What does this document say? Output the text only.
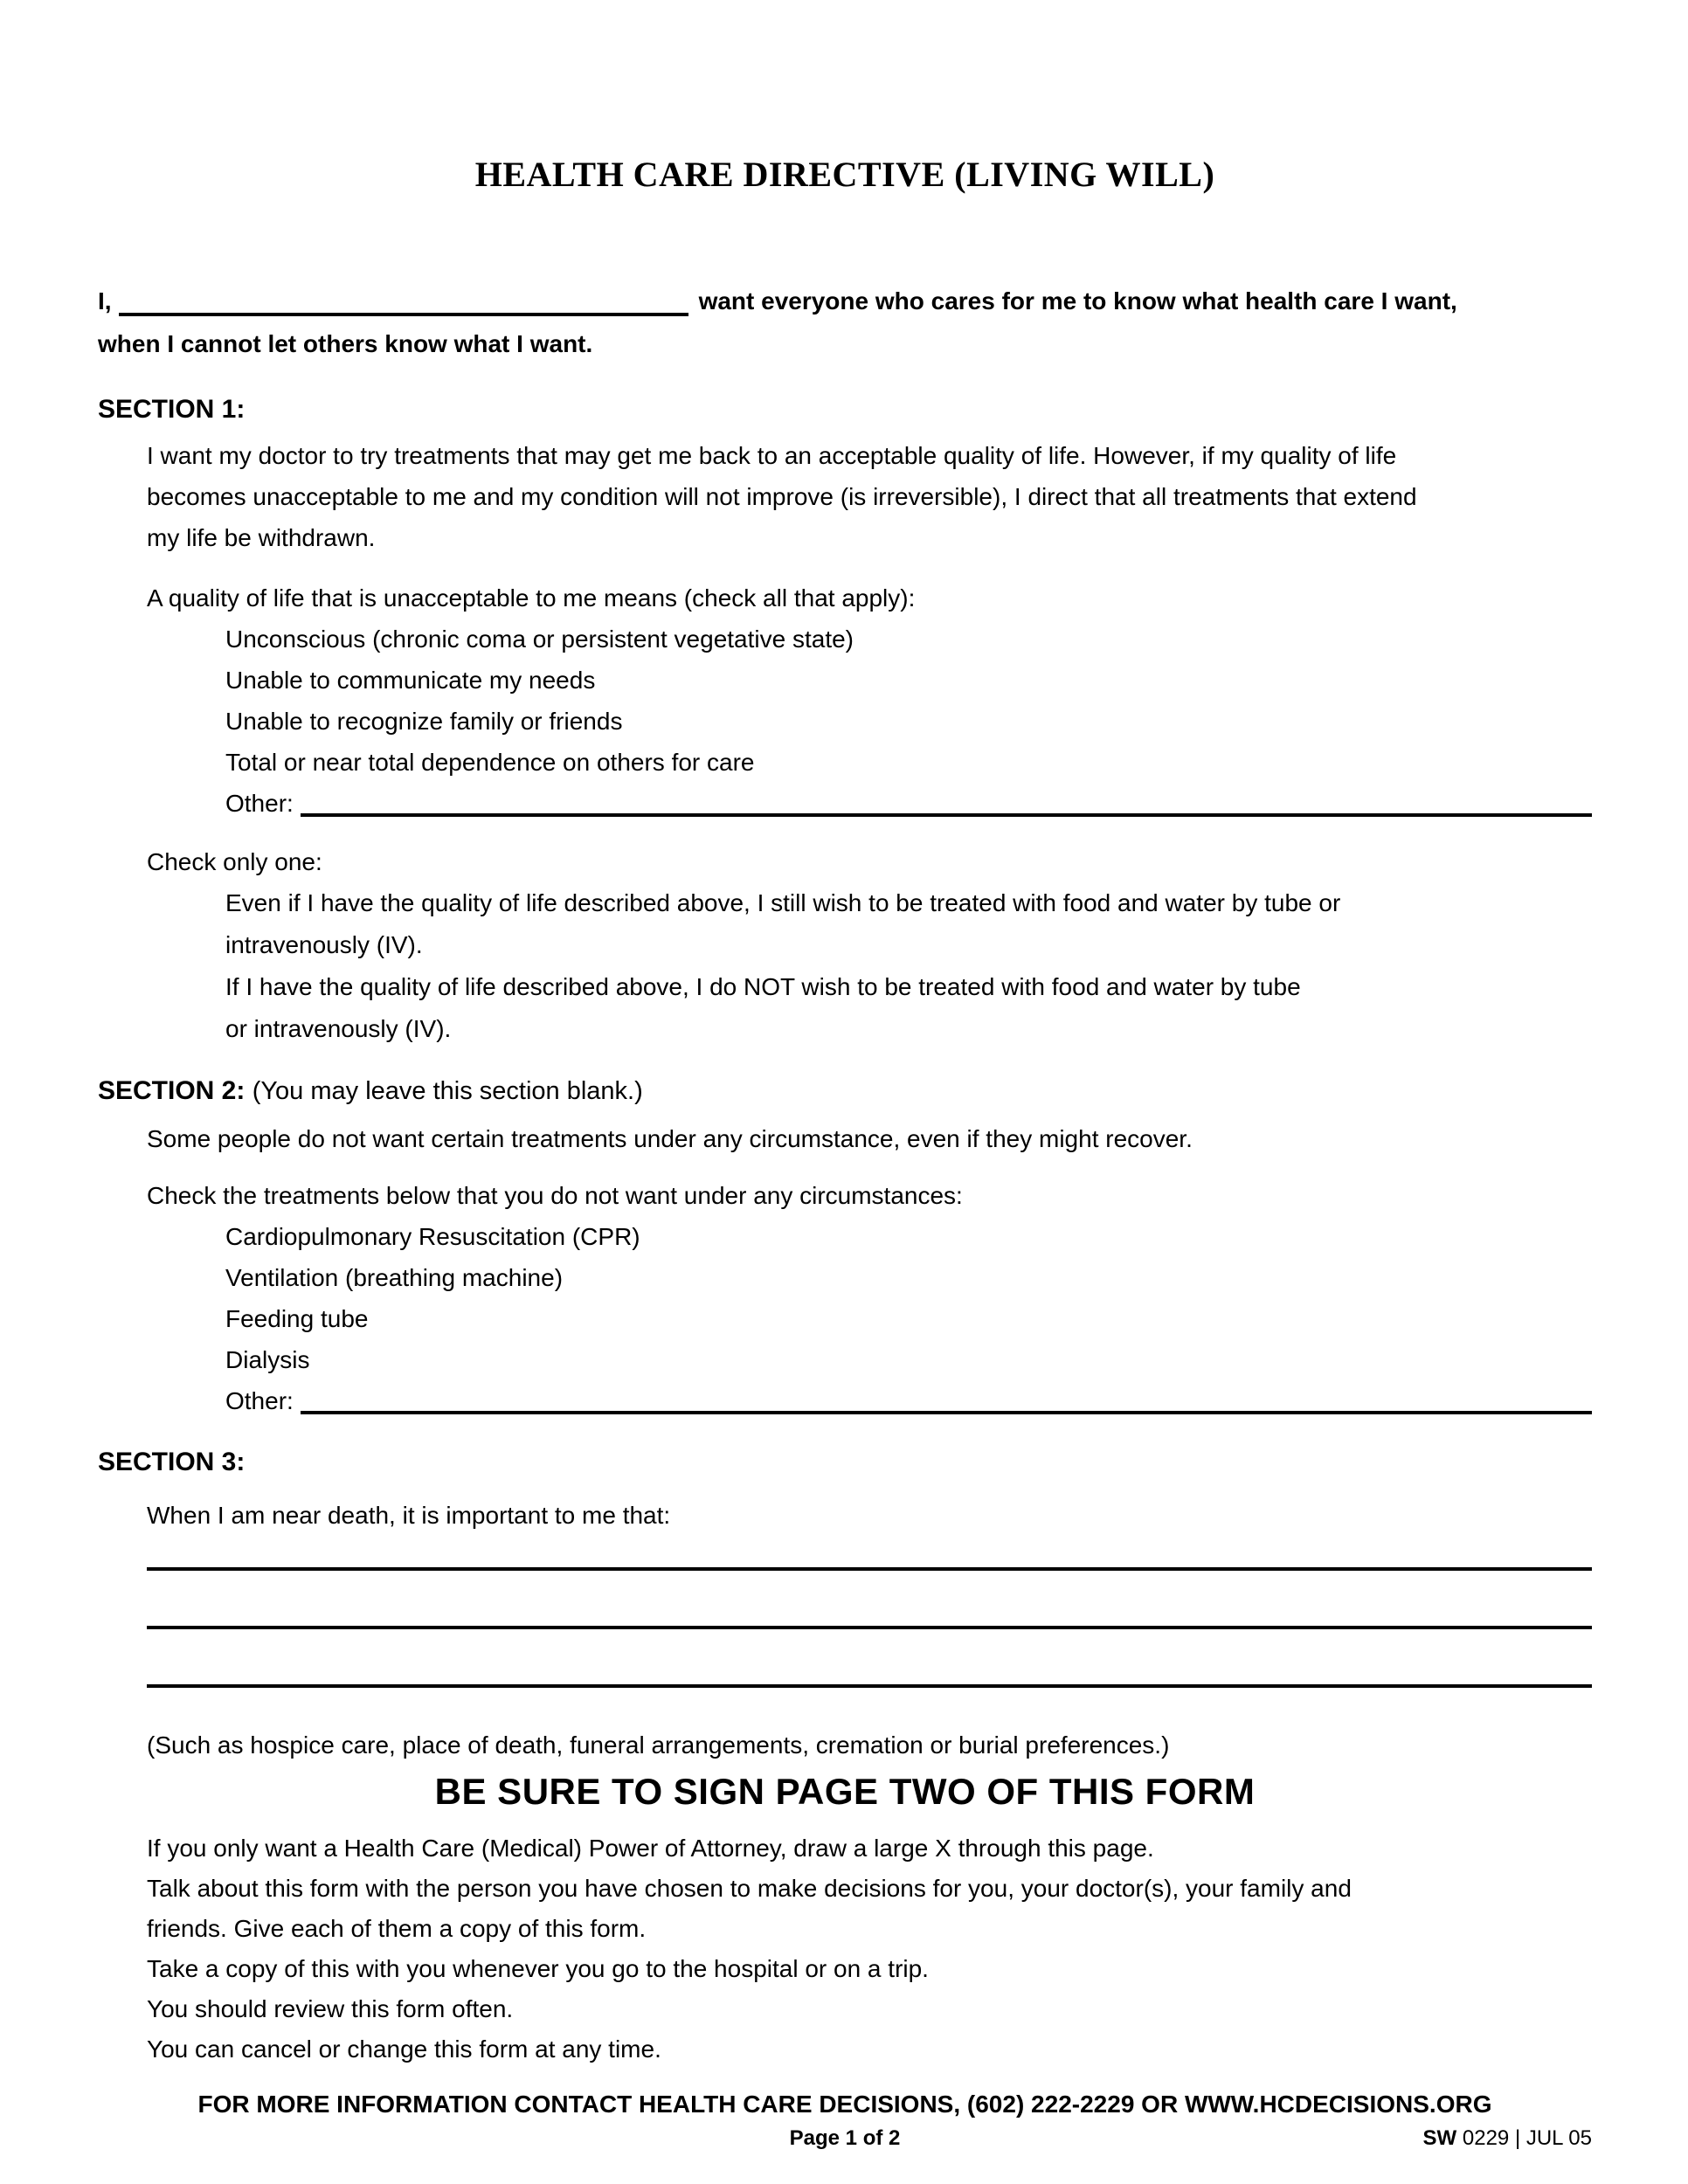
HEALTH CARE DIRECTIVE (LIVING WILL)
I,	want everyone who cares for me to know what health care I want,
when I cannot let others know what I want.
SECTION 1:
I want my doctor to try treatments that may get me back to an acceptable quality of life. However, if my quality of life
becomes unacceptable to me and my condition will not improve (is irreversible), I direct that all treatments that extend
my life be withdrawn.
A quality of life that is unacceptable to me means (check all that apply):
Unconscious (chronic coma or persistent vegetative state)
Unable to communicate my needs
Unable to recognize family or friends
Total or near total dependence on others for care
Other:
Check only one:
Even if I have the quality of life described above, I still wish to be treated with food and water by tube or
intravenously (IV).
If I have the quality of life described above, I do NOT wish to be treated with food and water by tube
or intravenously (IV).
SECTION 2: (You may leave this section blank.)
Some people do not want certain treatments under any circumstance, even if they might recover.
Check the treatments below that you do not want under any circumstances:
Cardiopulmonary Resuscitation (CPR)
Ventilation (breathing machine)
Feeding tube
Dialysis
Other:
SECTION 3:
When I am near death, it is important to me that:
(Such as hospice care, place of death, funeral arrangements, cremation or burial preferences.)
BE SURE TO SIGN PAGE TWO OF THIS FORM
If you only want a Health Care (Medical) Power of Attorney, draw a large X through this page.
Talk about this form with the person you have chosen to make decisions for you, your doctor(s), your family and
friends. Give each of them a copy of this form.
Take a copy of this with you whenever you go to the hospital or on a trip.
You should review this form often.
You can cancel or change this form at any time.
FOR MORE INFORMATION CONTACT HEALTH CARE DECISIONS, (602) 222-2229 OR WWW.HCDECISIONS.ORG
Page 1 of 2	SW 0229 | JUL 05
